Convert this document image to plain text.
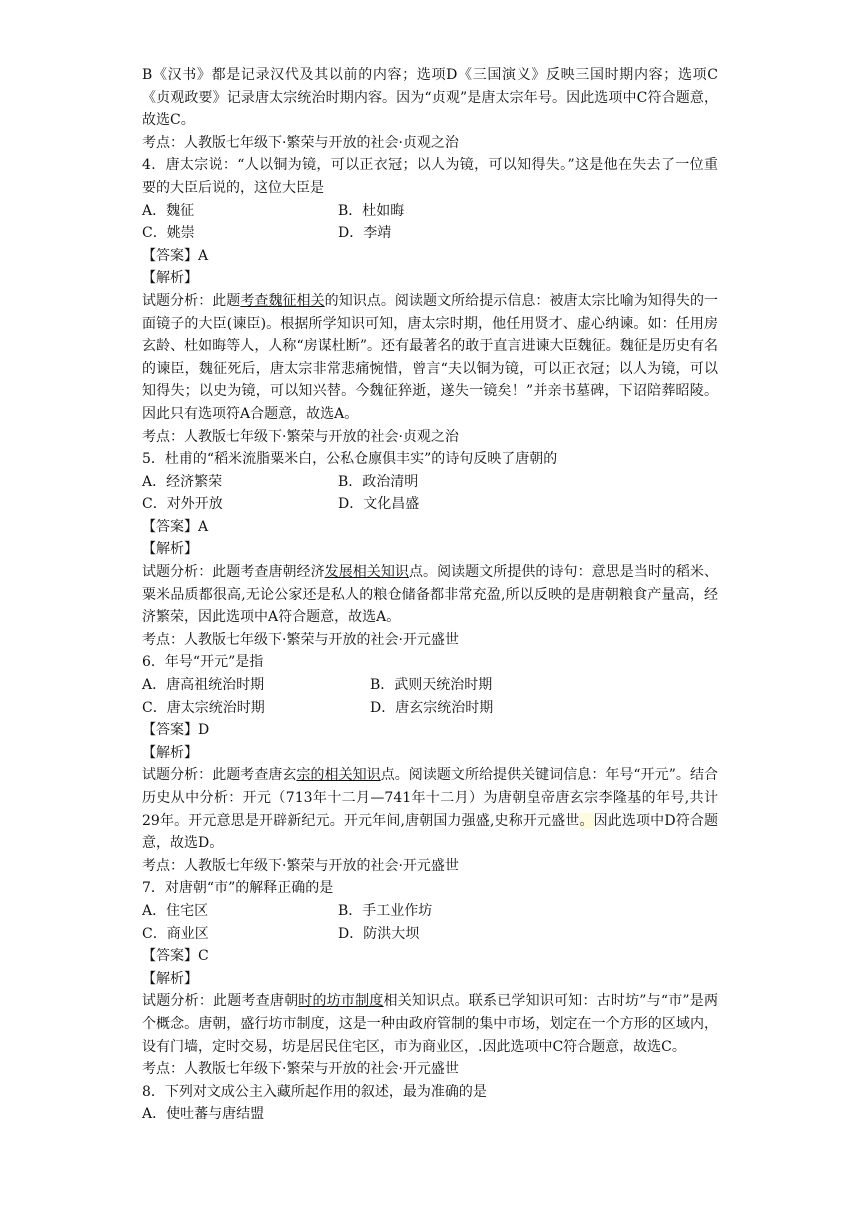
B《汉书》都是记录汉代及其以前的内容；选项D《三国演义》反映三国时期内容；选项C《贞观政要》记录唐太宗统治时期内容。因为“贞观”是唐太宗年号。因此选项中C符合题意，故选C。

考点：人教版七年级下·繁荣与开放的社会·贞观之治

4．唐太宗说：“人以铜为镜，可以正衣冠；以人为镜，可以知得失。”这是他在失去了一位重要的大臣后说的，这位大臣是

A．魏征	B．杜如晦
C．姚崇	D．李靖

【答案】A

【解析】

试题分析：此题考查魏征相关的知识点。阅读题文所给提示信息：被唐太宗比喻为知得失的一面镜子的大臣(谏臣)。根据所学知识可知，唐太宗时期，他任用贤才、虚心纳谏。如：任用房玄龄、杜如晦等人，人称“房谋杜断”。还有最著名的敢于直言进谏大臣魏征。魏征是历史有名的谏臣，魏征死后，唐太宗非常悲痛惋惜，曾言“夫以铜为镜，可以正衣冠；以人为镜，可以知得失；以史为镜，可以知兴替。今魏征猝逝，遂失一镜矣！”并亲书墓碑，下诏陪葬昭陵。因此只有选项符A合题意，故选A。

考点：人教版七年级下·繁荣与开放的社会·贞观之治

5．杜甫的“稻米流脂粟米白，公私仓廪俱丰实”的诗句反映了唐朝的

A．经济繁荣	B．政治清明
C．对外开放	D．文化昌盛

【答案】A

【解析】

试题分析：此题考查唐朝经济发展相关知识点。阅读题文所提供的诗句：意思是当时的稻米、粟米品质都很高,无论公家还是私人的粮仓储备都非常充盈,所以反映的是唐朝粮食产量高，经济繁荣，因此选项中A符合题意，故选A。

考点：人教版七年级下·繁荣与开放的社会·开元盛世

6．年号“开元”是指

A．唐高祖统治时期	B．武则天统治时期
C．唐太宗统治时期	D．唐玄宗统治时期

【答案】D

【解析】

试题分析：此题考查唐玄宗的相关知识点。阅读题文所给提供关键词信息：年号“开元”。结合历史从中分析：开元（713年十二月—741年十二月）为唐朝皇帝唐玄宗李隆基的年号,共计29年。开元意思是开辟新纪元。开元年间,唐朝国力强盛,史称开元盛世。因此选项中D符合题意，故选D。

考点：人教版七年级下·繁荣与开放的社会·开元盛世

7．对唐朝“市”的解释正确的是

A．住宅区	B．手工业作坊
C．商业区	D．防洪大坝

【答案】C

【解析】

试题分析：此题考查唐朝时的坊市制度相关知识点。联系已学知识可知：古时坊”与“市”是两个概念。唐朝，盛行坊市制度，这是一种由政府管制的集中市场，划定在一个方形的区域内，设有门墙，定时交易，坊是居民住宅区，市为商业区，.因此选项中C符合题意，故选C。

考点：人教版七年级下·繁荣与开放的社会·开元盛世

8．下列对文成公主入藏所起作用的叙述，最为准确的是

A．使吐蕃与唐结盟
